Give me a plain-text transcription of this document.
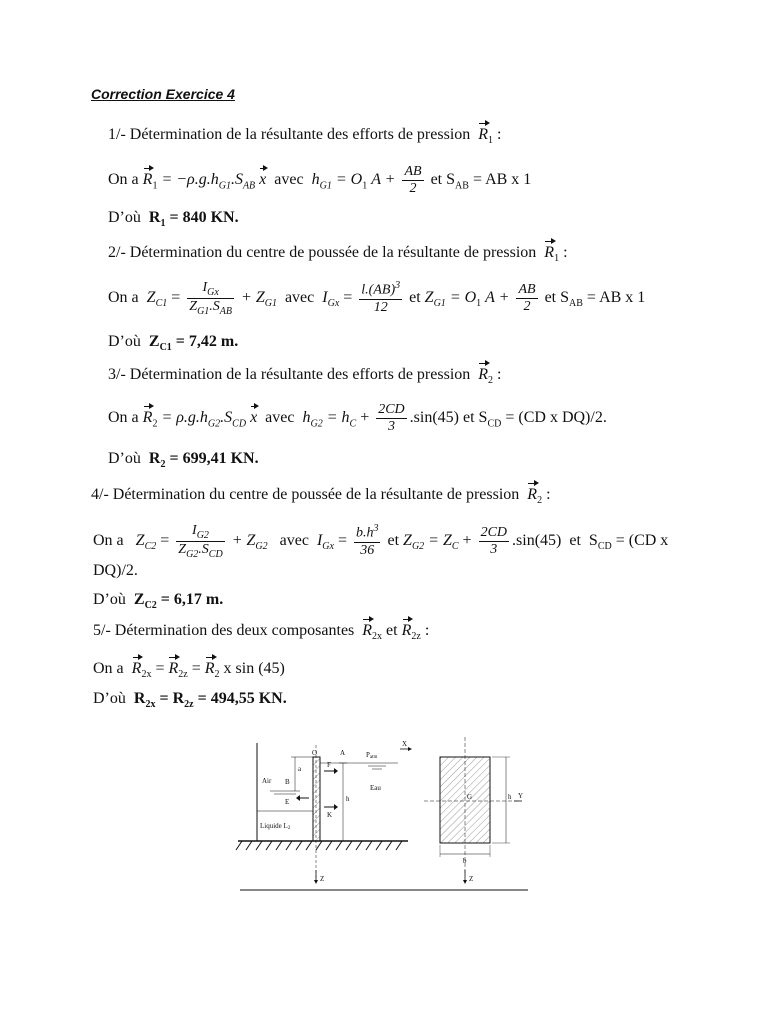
Correction Exercice 4
1/- Détermination de la résultante des efforts de pression $R_1$ :
On a $R_1 = -\rho.g.h_{G1}.S_{AB}$ x avec $h_{G1} = O_1$ $A + \frac{AB}{2}$ et $S_{AB}$ = AB x 1
D’où $R_1 = 840$ KN.
2/- Détermination du centre de poussée de la résultante de pression $R_1$ :
On a $Z_{C1} = \frac{I_{Gx}}{Z_{G1}.S_{AB}} + Z_{G1}$ avec $I_{Gx} = \frac{l.(AB)^3}{12}$ et $Z_{G1} = O_1$ $A + \frac{AB}{2}$ et $S_{AB}$ = AB x 1
D’où $Z_{C1} = 7,42$ m.
3/- Détermination de la résultante des efforts de pression $R_2$ :
On a $R_2 = \rho.g.h_{G2}.S_{CD}$ x avec $h_{G2} = h_C + \frac{2CD}{3} .\sin(45)$ et $S_{CD} = (CD$ x DQ)/2.
D’où $R_2 = 699,41$ KN.
4/- Détermination du centre de poussée de la résultante de pression $R_2$ :
On a $Z_{C2} = \frac{I_{G2}}{Z_{G2}.S_{CD}} + Z_{G2}$ avec $I_{Gx} = \frac{b.h^3}{36}$ et $Z_{G2} = Z_C + \frac{2CD}{3} .\sin(45)$ et $S_{CD} = (CD$ x
DQ)/2.
D’où $Z_{C2} = 6,17$ m.
5/- Détermination des deux composantes $R_{2x}$ et $R_{2z}$ :
On a $R_{2x} = R_{2z} = R_2$ x sin (45)
D’où $R_{2x} = R_{2z} = 494,55$ KN.
O	A	Patm
X
Air
a
B
F
Eau
h
E
K
Liquide L2
Z
G	h Y
b
Z
